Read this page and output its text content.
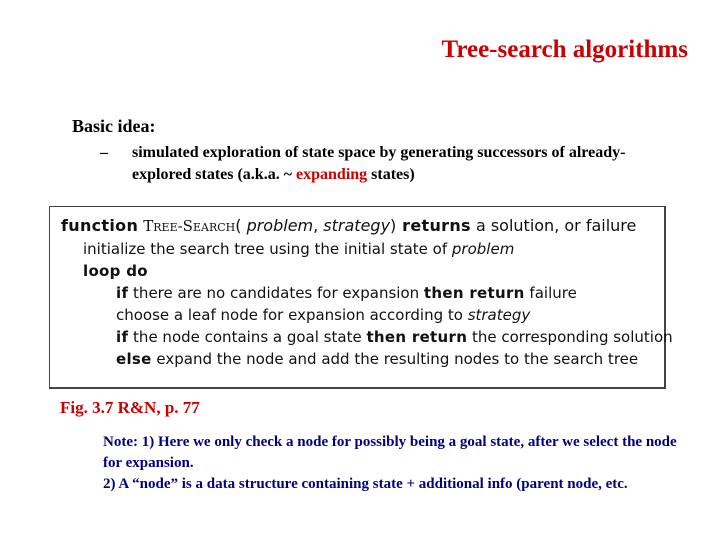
Tree-search algorithms
Basic idea:
– simulated exploration of state space by generating successors of already-explored states (a.k.a. ~ expanding states)
function TREE-SEARCH( problem, strategy) returns a solution, or failure
initialize the search tree using the initial state of problem
loop do
if there are no candidates for expansion then return failure
choose a leaf node for expansion according to strategy
if the node contains a goal state then return the corresponding solution
else expand the node and add the resulting nodes to the search tree
Fig. 3.7 R&N, p. 77
Note: 1) Here we only check a node for possibly being a goal state, after we select the node for expansion.
2) A “node” is a data structure containing state + additional info (parent node, etc.
